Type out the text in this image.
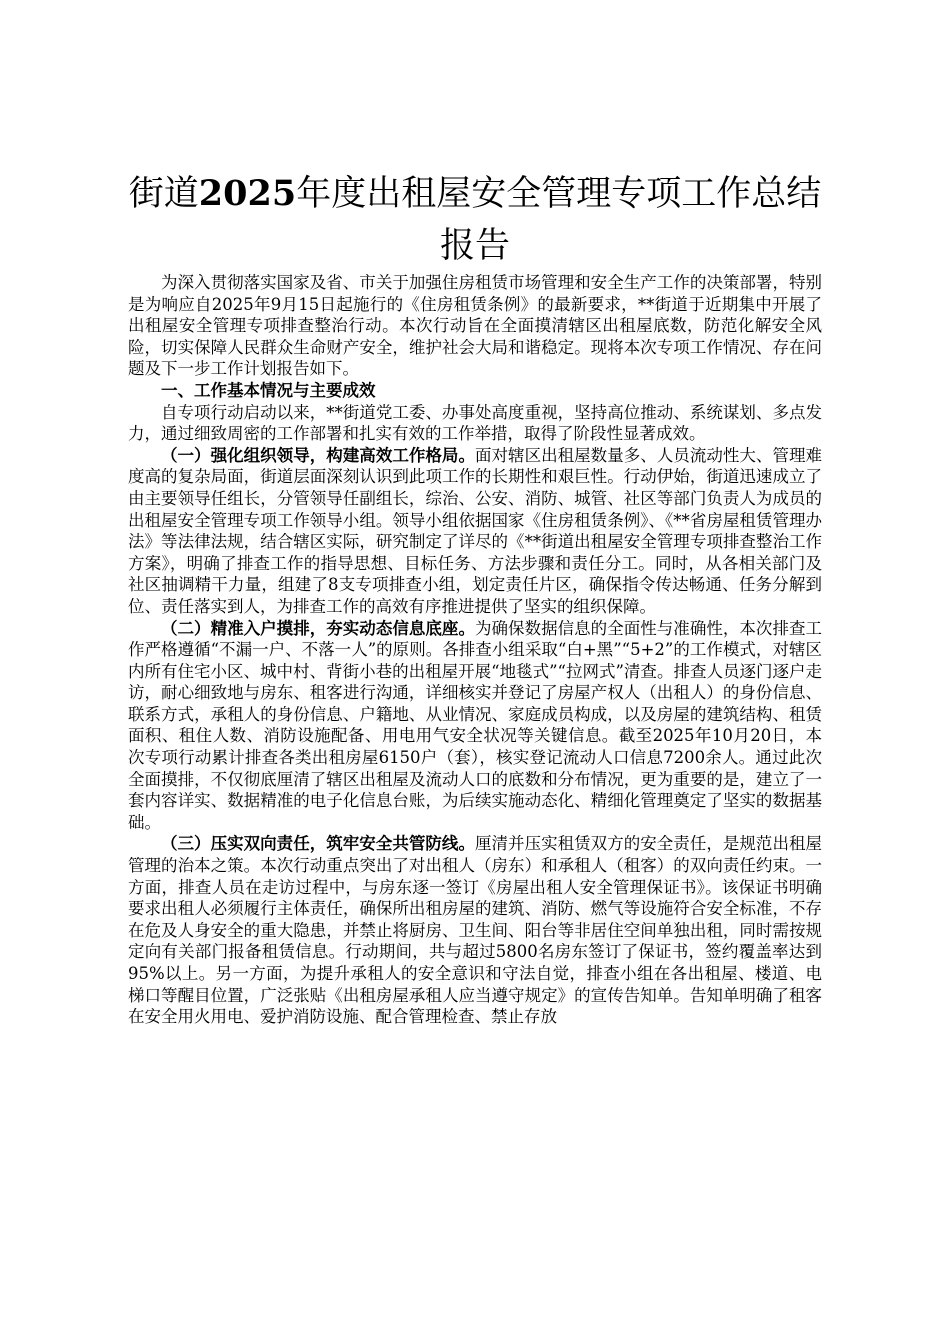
街道2025年度出租屋安全管理专项工作总结报告

为深入贯彻落实国家及省、市关于加强住房租赁市场管理和安全生产工作的决策部署，特别是为响应自2025年9月15日起施行的《住房租赁条例》的最新要求，**街道于近期集中开展了出租屋安全管理专项排查整治行动。本次行动旨在全面摸清辖区出租屋底数，防范化解安全风险，切实保障人民群众生命财产安全，维护社会大局和谐稳定。现将本次专项工作情况、存在问题及下一步工作计划报告如下。

一、工作基本情况与主要成效

自专项行动启动以来，**街道党工委、办事处高度重视，坚持高位推动、系统谋划、多点发力，通过细致周密的工作部署和扎实有效的工作举措，取得了阶段性显著成效。

（一）强化组织领导，构建高效工作格局。面对辖区出租屋数量多、人员流动性大、管理难度高的复杂局面，街道层面深刻认识到此项工作的长期性和艰巨性。行动伊始，街道迅速成立了由主要领导任组长，分管领导任副组长，综治、公安、消防、城管、社区等部门负责人为成员的出租屋安全管理专项工作领导小组。领导小组依据国家《住房租赁条例》、《**省房屋租赁管理办法》等法律法规，结合辖区实际，研究制定了详尽的《**街道出租屋安全管理专项排查整治工作方案》，明确了排查工作的指导思想、目标任务、方法步骤和责任分工。同时，从各相关部门及社区抽调精干力量，组建了8支专项排查小组，划定责任片区，确保指令传达畅通、任务分解到位、责任落实到人，为排查工作的高效有序推进提供了坚实的组织保障。

（二）精准入户摸排，夯实动态信息底座。为确保数据信息的全面性与准确性，本次排查工作严格遵循“不漏一户、不落一人”的原则。各排查小组采取“白+黑”“5+2”的工作模式，对辖区内所有住宅小区、城中村、背街小巷的出租屋开展“地毯式”“拉网式”清查。排查人员逐门逐户走访，耐心细致地与房东、租客进行沟通，详细核实并登记了房屋产权人（出租人）的身份信息、联系方式，承租人的身份信息、户籍地、从业情况、家庭成员构成，以及房屋的建筑结构、租赁面积、租住人数、消防设施配备、用电用气安全状况等关键信息。截至2025年10月20日，本次专项行动累计排查各类出租房屋6150户（套），核实登记流动人口信息7200余人。通过此次全面摸排，不仅彻底厘清了辖区出租屋及流动人口的底数和分布情况，更为重要的是，建立了一套内容详实、数据精准的电子化信息台账，为后续实施动态化、精细化管理奠定了坚实的数据基础。

（三）压实双向责任，筑牢安全共管防线。厘清并压实租赁双方的安全责任，是规范出租屋管理的治本之策。本次行动重点突出了对出租人（房东）和承租人（租客）的双向责任约束。一方面，排查人员在走访过程中，与房东逐一签订《房屋出租人安全管理保证书》。该保证书明确要求出租人必须履行主体责任，确保所出租房屋的建筑、消防、燃气等设施符合安全标准，不存在危及人身安全的重大隐患，并禁止将厨房、卫生间、阳台等非居住空间单独出租，同时需按规定向有关部门报备租赁信息。行动期间，共与超过5800名房东签订了保证书，签约覆盖率达到95%以上。另一方面，为提升承租人的安全意识和守法自觉，排查小组在各出租屋、楼道、电梯口等醒目位置，广泛张贴《出租房屋承租人应当遵守规定》的宣传告知单。告知单明确了租客在安全用火用电、爱护消防设施、配合管理检查、禁止存放
